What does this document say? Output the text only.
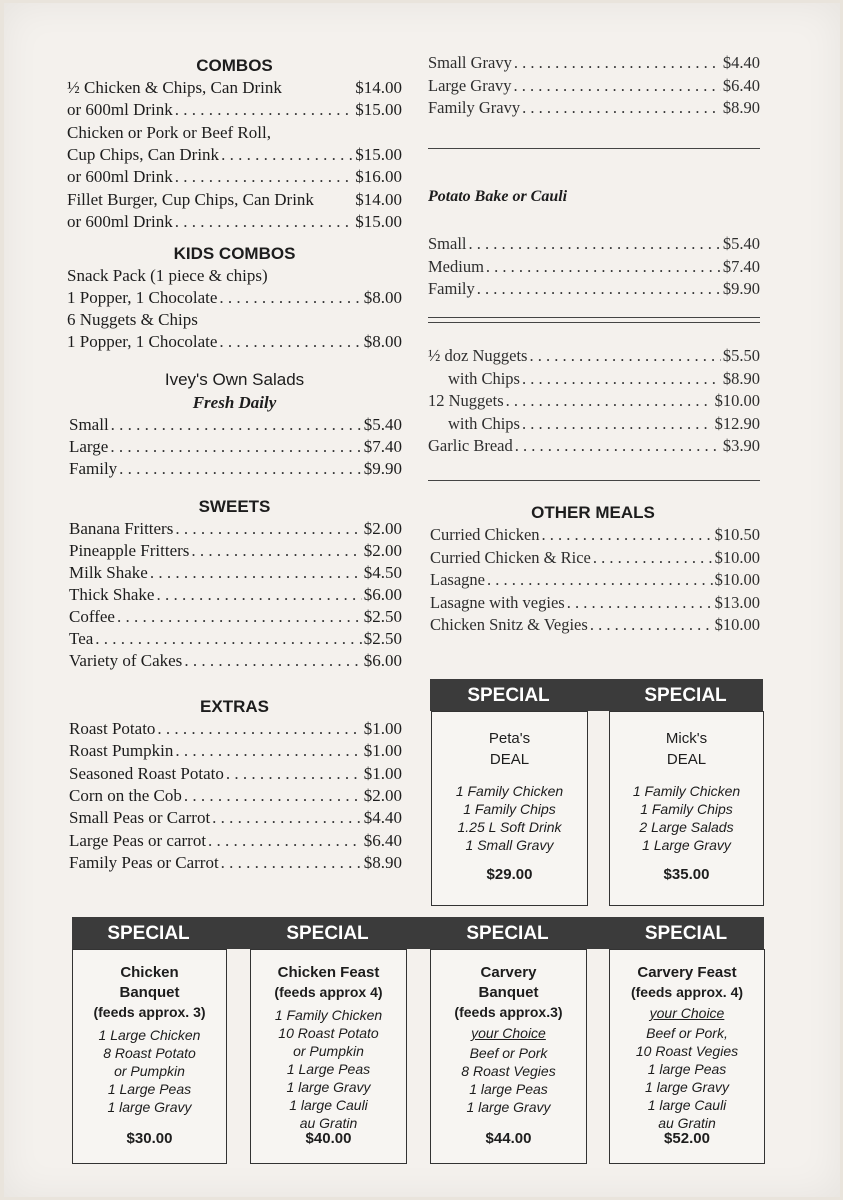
COMBOS
½ Chicken & Chips, Can Drink	$14.00
or 600ml Drink . . .	$15.00
Chicken or Pork or Beef Roll,
Cup Chips, Can Drink . . .	$15.00
or 600ml Drink . . .	$16.00
Fillet Burger, Cup Chips, Can Drink $14.00
or 600ml Drink . . .	$15.00
KIDS COMBOS
Snack Pack (1 piece & chips)
1 Popper, 1 Chocolate . . .	$8.00
6 Nuggets & Chips
1 Popper, 1 Chocolate . . .	$8.00
Ivey's Own Salads
Fresh Daily
Small . . .	$5.40
Large . . .	$7.40
Family . . .	$9.90
SWEETS
Banana Fritters . . .	$2.00
Pineapple Fritters . . .	$2.00
Milk Shake . . .	$4.50
Thick Shake . . .	$6.00
Coffee . . .	$2.50
Tea . . .	$2.50
Variety of Cakes . . .	$6.00
EXTRAS
Roast Potato . . .	$1.00
Roast Pumpkin . . .	$1.00
Seasoned Roast Potato . . .	$1.00
Corn on the Cob . . .	$2.00
Small Peas or Carrot . . .	$4.40
Large Peas or carrot . . .	$6.40
Family Peas or Carrot . . .	$8.90
Small Gravy . . .	$4.40
Large Gravy . . .	$6.40
Family Gravy . . .	$8.90
Potato Bake or Cauli
Small . . .	$5.40
Medium . . .	$7.40
Family . . .	$9.90
½ doz Nuggets . . .	$5.50
with Chips . . .	$8.90
12 Nuggets . . .	$10.00
with Chips . . .	$12.90
Garlic Bread . . .	$3.90
OTHER MEALS
Curried Chicken . . .	$10.50
Curried Chicken & Rice . . .	$10.00
Lasagne . . .	$10.00
Lasagne with vegies . . .	$13.00
Chicken Snitz & Vegies . . .	$10.00
SPECIAL
Peta's
DEAL
1 Family Chicken
1 Family Chips
1.25 L Soft Drink
1 Small Gravy
$29.00
SPECIAL
Mick's
DEAL
1 Family Chicken
1 Family Chips
2 Large Salads
1 Large Gravy
$35.00
SPECIAL
Chicken
Banquet
(feeds approx. 3)
1 Large Chicken
8 Roast Potato
or Pumpkin
1 Large Peas
1 large Gravy
$30.00
SPECIAL
Chicken Feast
(feeds approx 4)
1 Family Chicken
10 Roast Potato
or Pumpkin
1 Large Peas
1 large Gravy
1 large Cauli
au Gratin
$40.00
SPECIAL
Carvery
Banquet
(feeds approx.3)
your Choice
Beef or Pork
8 Roast Vegies
1 large Peas
1 large Gravy
$44.00
SPECIAL
Carvery Feast
(feeds approx. 4)
your Choice
Beef or Pork,
10 Roast Vegies
1 large Peas
1 large Gravy
1 large Cauli
au Gratin
$52.00
